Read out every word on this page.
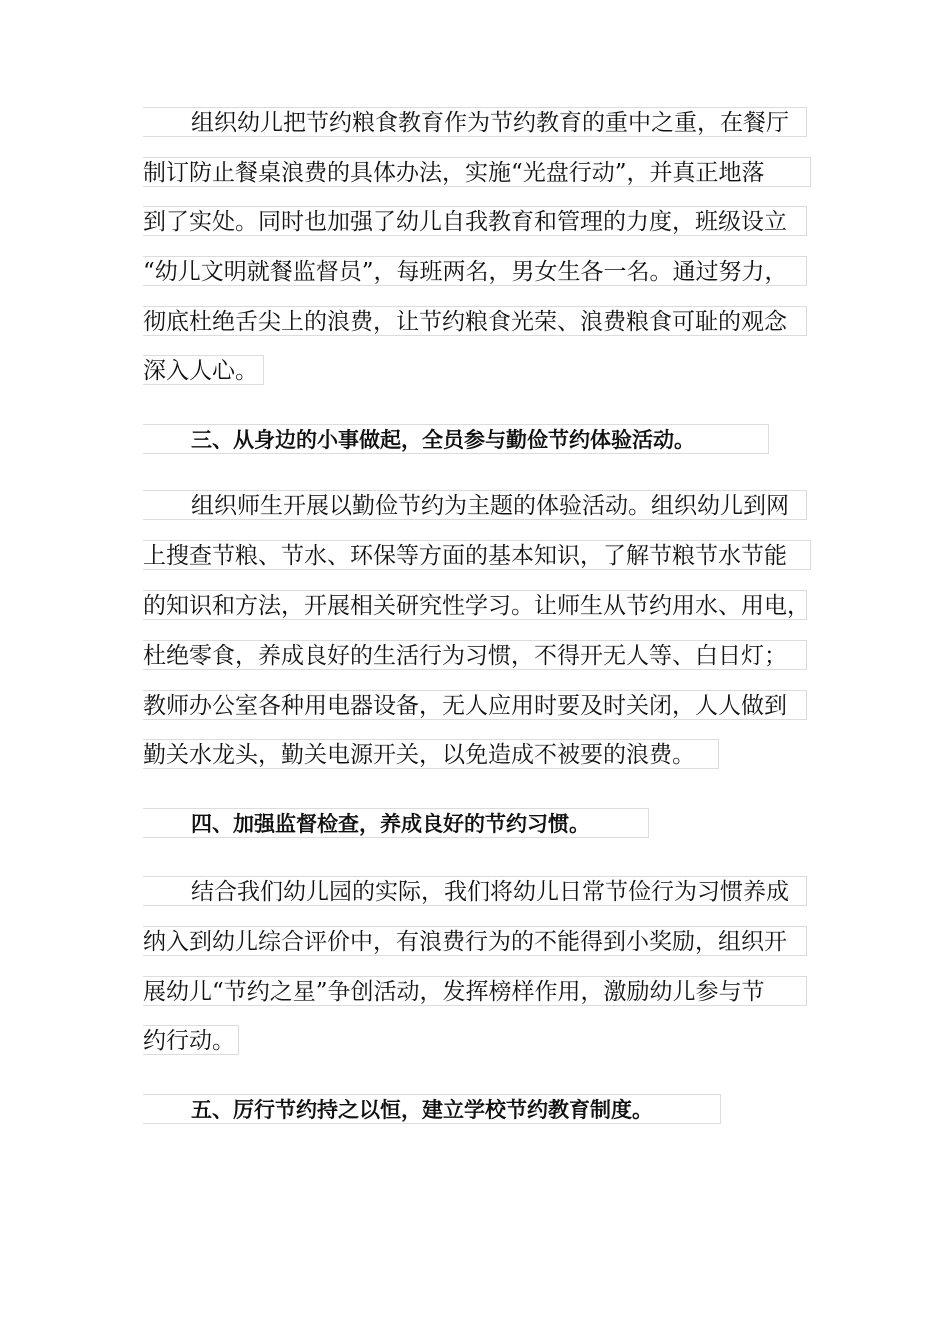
组织幼儿把节约粮食教育作为节约教育的重中之重，在餐厅
制订防止餐桌浪费的具体办法，实施“光盘行动”，并真正地落
到了实处。同时也加强了幼儿自我教育和管理的力度，班级设立
“幼儿文明就餐监督员”，每班两名，男女生各一名。通过努力，
彻底杜绝舌尖上的浪费，让节约粮食光荣、浪费粮食可耻的观念
深入人心。
三、从身边的小事做起，全员参与勤俭节约体验活动。
组织师生开展以勤俭节约为主题的体验活动。组织幼儿到网
上搜查节粮、节水、环保等方面的基本知识，了解节粮节水节能
的知识和方法，开展相关研究性学习。让师生从节约用水、用电，
杜绝零食，养成良好的生活行为习惯，不得开无人等、白日灯；
教师办公室各种用电器设备，无人应用时要及时关闭，人人做到
勤关水龙头，勤关电源开关，以免造成不被要的浪费。
四、加强监督检查，养成良好的节约习惯。
结合我们幼儿园的实际，我们将幼儿日常节俭行为习惯养成
纳入到幼儿综合评价中，有浪费行为的不能得到小奖励，组织开
展幼儿“节约之星”争创活动，发挥榜样作用，激励幼儿参与节
约行动。
五、厉行节约持之以恒，建立学校节约教育制度。
